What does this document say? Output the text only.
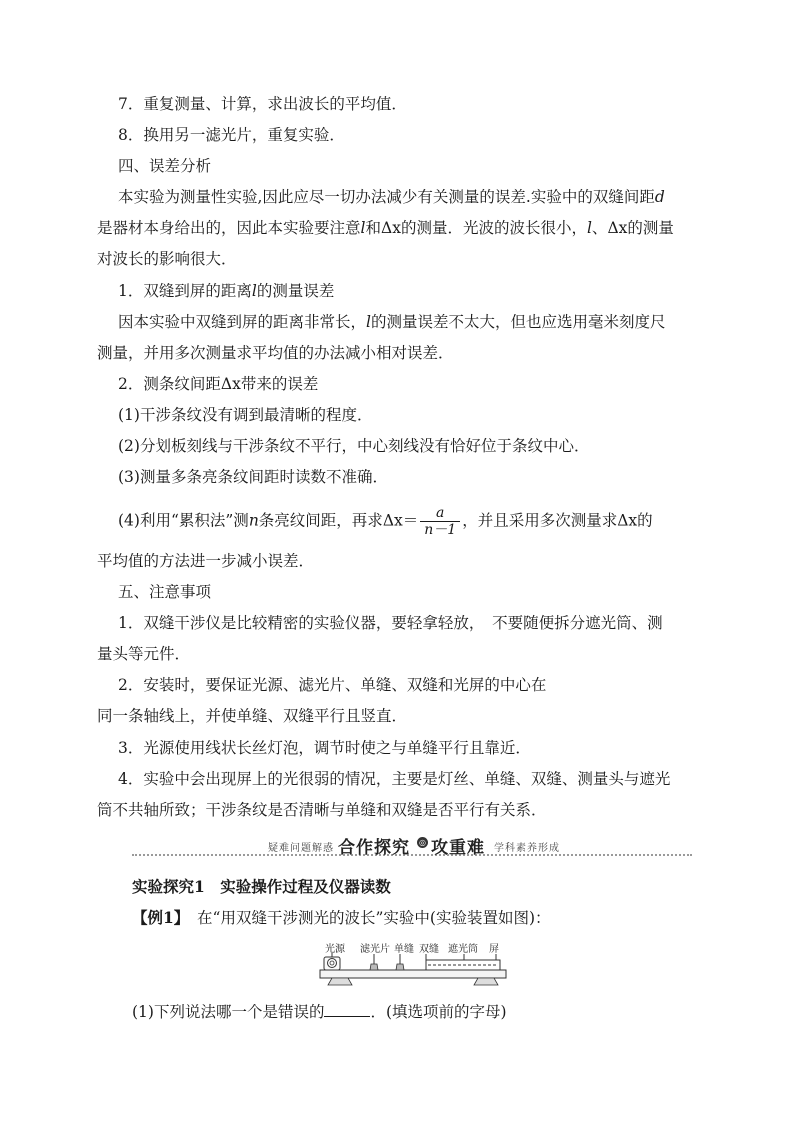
7．重复测量、计算，求出波长的平均值．
8．换用另一滤光片，重复实验．
四、误差分析
本实验为测量性实验,因此应尽一切办法减少有关测量的误差.实验中的双缝间距d
是器材本身给出的，因此本实验要注意l和Δx的测量．光波的波长很小，l、Δx的测量
对波长的影响很大．
1．双缝到屏的距离l的测量误差
因本实验中双缝到屏的距离非常长，l的测量误差不太大，但也应选用毫米刻度尺
测量，并用多次测量求平均值的办法减小相对误差．
2．测条纹间距Δx带来的误差
(1)干涉条纹没有调到最清晰的程度．
(2)分划板刻线与干涉条纹不平行，中心刻线没有恰好位于条纹中心．
(3)测量多条亮条纹间距时读数不准确．
(4)利用“累积法”测n条亮纹间距，再求$\Delta x= \frac{a}{n-1}$ ，并且采用多次测量求Δx的
平均值的方法进一步减小误差．
五、注意事项
1．双缝干涉仪是比较精密的实验仪器，要轻拿轻放，　不要随便拆分遮光筒、测
量头等元件．
2．安装时，要保证光源、滤光片、单缝、双缝和光屏的中心在
同一条轴线上，并使单缝、双缝平行且竖直．
3．光源使用线状长丝灯泡，调节时使之与单缝平行且靠近．
4．实验中会出现屏上的光很弱的情况，主要是灯丝、单缝、双缝、测量头与遮光
筒不共轴所致；干涉条纹是否清晰与单缝和双缝是否平行有关系．
疑难问题解惑 合作探究 ◎ 攻重难 学科素养形成
实验探究1　实验操作过程及仪器读数
【例1】　在“用双缝干涉测光的波长”实验中(实验装置如图)：
光源 滤光片 单缝 双缝 遮光筒 屏
(1)下列说法哪一个是错误的	．(填选项前的字母)
